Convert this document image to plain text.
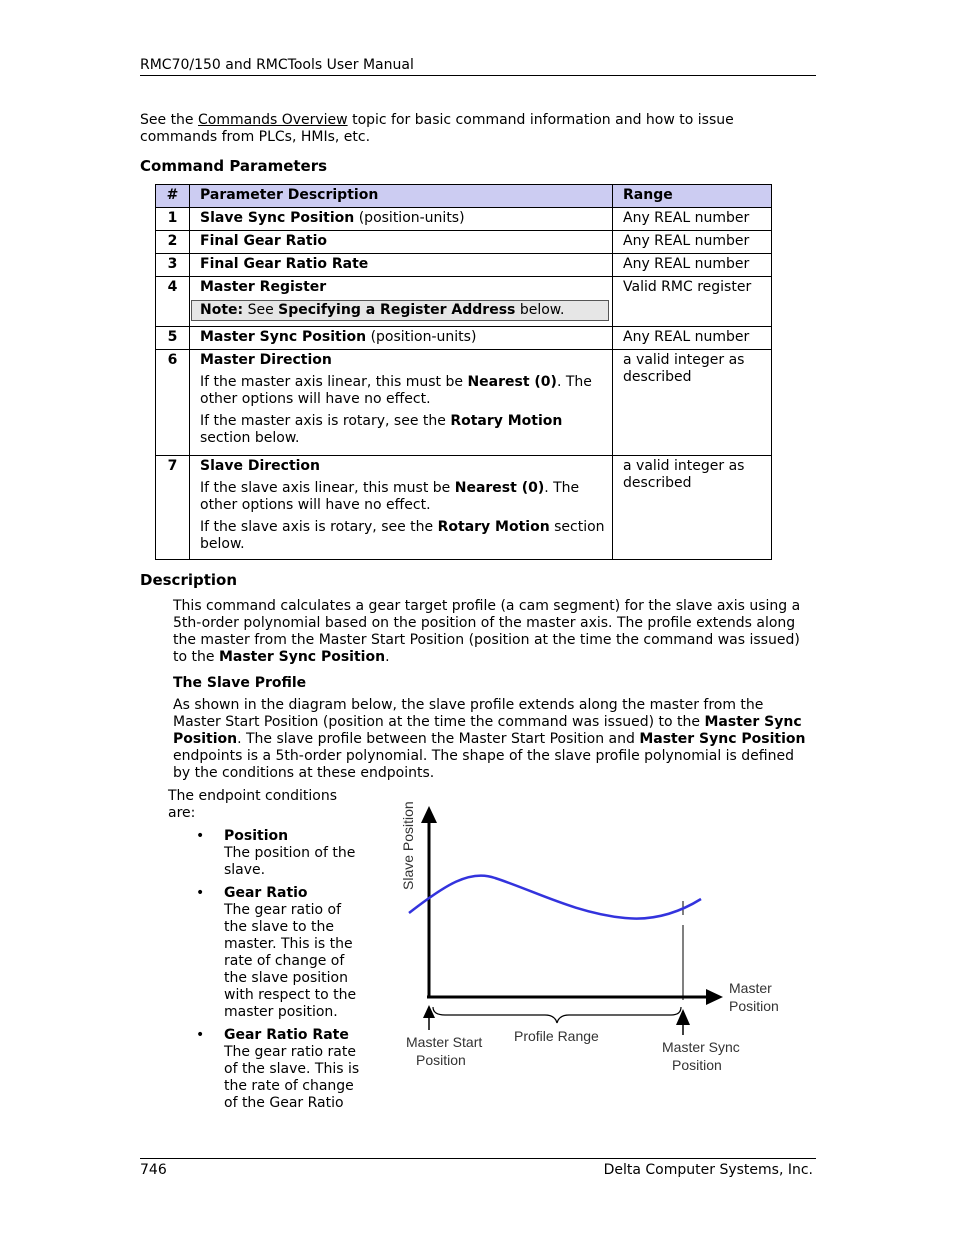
RMC70/150 and RMCTools User Manual
See the Commands Overview topic for basic command information and how to issue commands from PLCs, HMIs, etc.
Command Parameters
#	Parameter Description	Range
1	Slave Sync Position (position-units)	Any REAL number
2	Final Gear Ratio	Any REAL number
3	Final Gear Ratio Rate	Any REAL number
4	Master Register
Note: See Specifying a Register Address below.	Valid RMC register
5	Master Sync Position (position-units)	Any REAL number
6	Master Direction
If the master axis linear, this must be Nearest (0). The other options will have no effect.
If the master axis is rotary, see the Rotary Motion section below.	a valid integer as described
7	Slave Direction
If the slave axis linear, this must be Nearest (0). The other options will have no effect.
If the slave axis is rotary, see the Rotary Motion section below.	a valid integer as described
Description
This command calculates a gear target profile (a cam segment) for the slave axis using a 5th-order polynomial based on the position of the master axis. The profile extends along the master from the Master Start Position (position at the time the command was issued) to the Master Sync Position.
The Slave Profile
As shown in the diagram below, the slave profile extends along the master from the Master Start Position (position at the time the command was issued) to the Master Sync Position. The slave profile between the Master Start Position and Master Sync Position endpoints is a 5th-order polynomial. The shape of the slave profile polynomial is defined by the conditions at these endpoints.
The endpoint conditions are:
• Position
The position of the slave.
• Gear Ratio
The gear ratio of the slave to the master. This is the rate of change of the slave position with respect to the master position.
• Gear Ratio Rate
The gear ratio rate of the slave. This is the rate of change of the Gear Ratio
Slave Position
Master
Position
Master Start
Position
Profile Range
Master Sync
Position
746	Delta Computer Systems, Inc.
